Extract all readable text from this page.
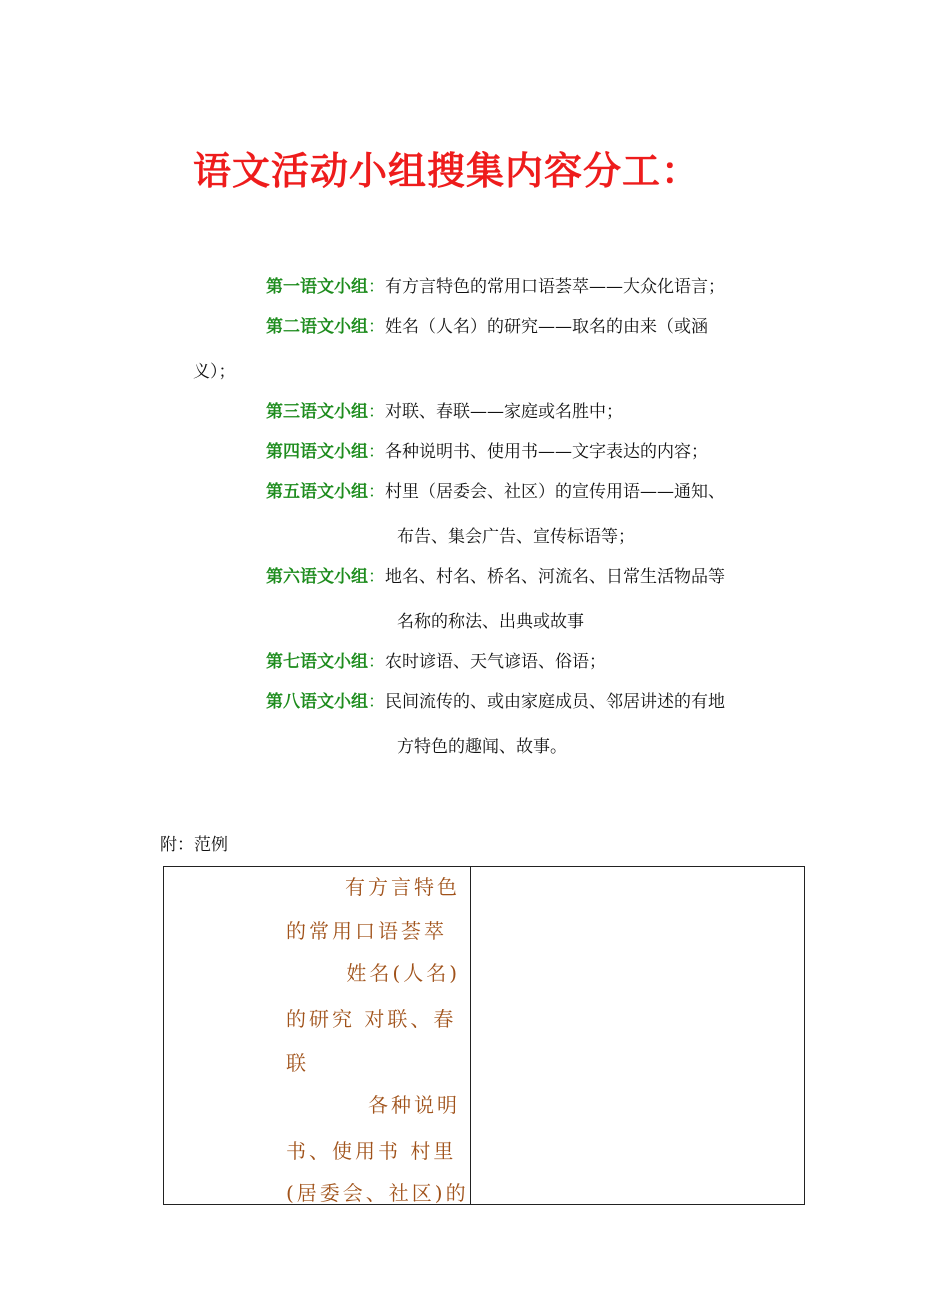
语文活动小组搜集内容分工：
第一语文小组：有方言特色的常用口语荟萃——大众化语言；
第二语文小组：姓名（人名）的研究——取名的由来（或涵
义）；
第三语文小组：对联、春联——家庭或名胜中；
第四语文小组：各种说明书、使用书——文字表达的内容；
第五语文小组：村里（居委会、社区）的宣传用语——通知、
布告、集会广告、宣传标语等；
第六语文小组：地名、村名、桥名、河流名、日常生活物品等
名称的称法、出典或故事
第七语文小组：农时谚语、天气谚语、俗语；
第八语文小组：民间流传的、或由家庭成员、邻居讲述的有地
方特色的趣闻、故事。
附：范例
有方言特色
的常用口语荟萃
姓名(人名)
的研究 对联、春
联
各种说明
书、使用书 村里
(居委会、社区)的
